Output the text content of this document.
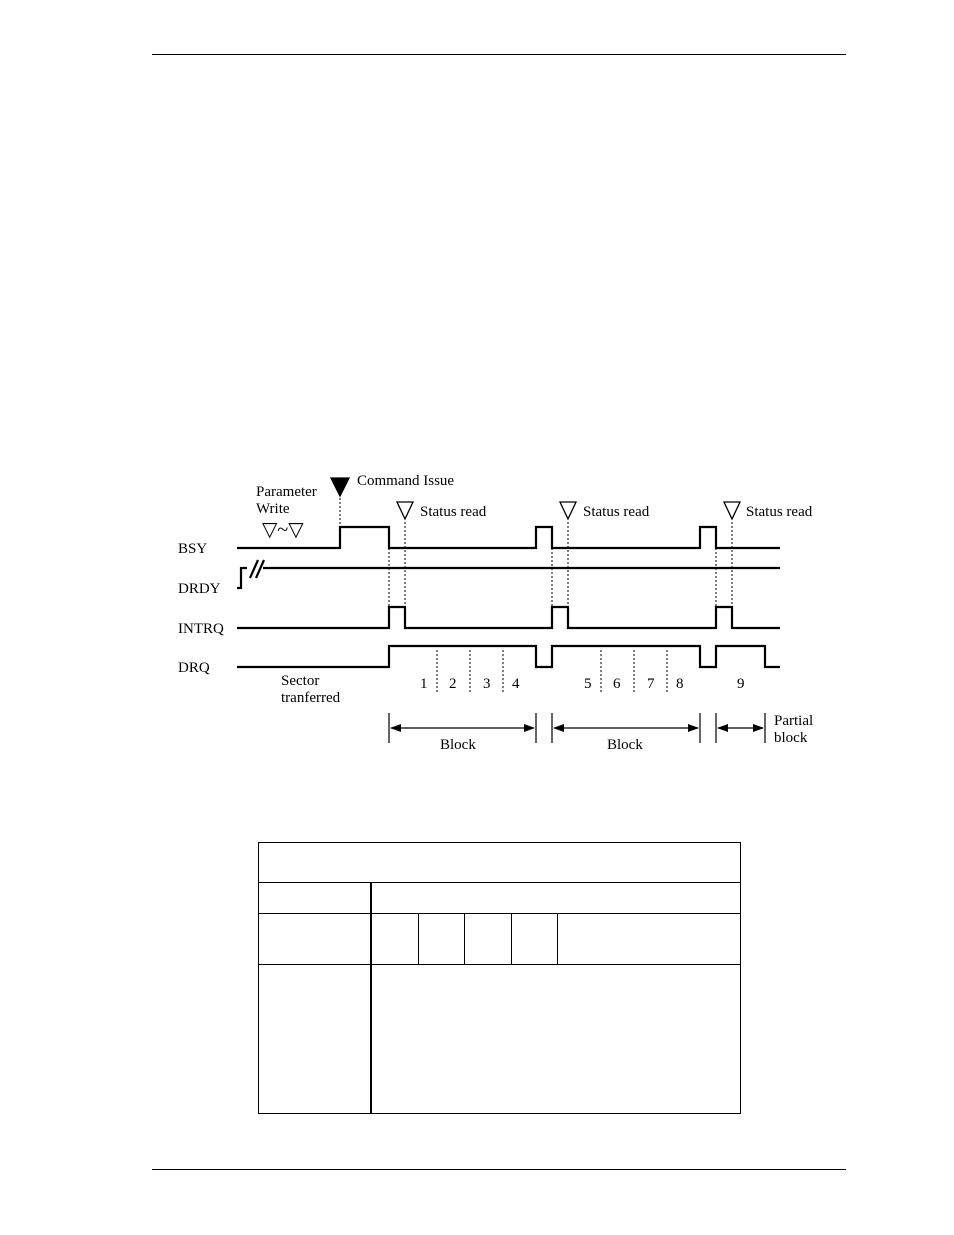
Command Issue
Parameter
Write
▽~▽
Status read	Status read	Status read
BSY
DRDY
INTRQ
DRQ
Sector
tranferred
1 2 3 4	5 6 7 8	9
Block	Block
Partial
block
